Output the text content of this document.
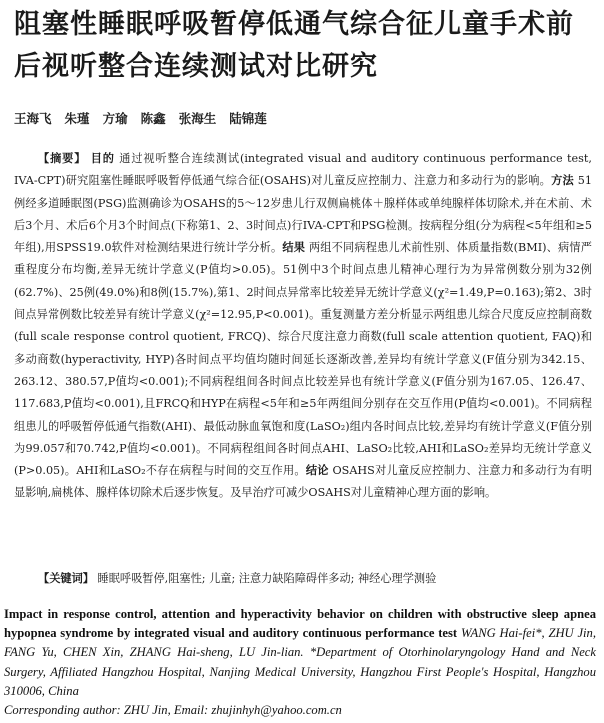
阻塞性睡眠呼吸暂停低通气综合征儿童手术前后视听整合连续测试对比研究
王海飞   朱瑾   方瑜   陈鑫   张海生   陆锦莲
【摘要】 目的 通过视听整合连续测试(integrated visual and auditory continuous performance test, IVA-CPT)研究阻塞性睡眠呼吸暂停低通气综合征(OSAHS)对儿童反应控制力、注意力和多动行为的影响。方法 51例经多道睡眠图(PSG)监测确诊为OSAHS的5～12岁患儿行双侧扁桃体＋腺样体或单纯腺样体切除术,并在术前、术后3个月、术后6个月3个时间点(下称第1、2、3时间点)行IVA-CPT和PSG检测。按病程分组(分为病程<5年组和≥5年组),用SPSS19.0软件对检测结果进行统计学分析。结果 两组不同病程患儿术前性别、体质量指数(BMI)、病情严重程度分布均衡,差异无统计学意义(P值均>0.05)。51例中3个时间点患儿精神心理行为为异常例数分别为32例(62.7%)、25例(49.0%)和8例(15.7%),第1、2时间点异常率比较差异无统计学意义(χ²=1.49,P=0.163);第2、3时间点异常例数比较差异有统计学意义(χ²=12.95,P<0.001)。重复测量方差分析显示两组患儿综合尺度反应控制商数(full scale response control quotient, FRCQ)、综合尺度注意力商数(full scale attention quotient, FAQ)和多动商数(hyperactivity, HYP)各时间点平均值均随时间延长逐渐改善,差异均有统计学意义(F值分别为342.15、263.12、380.57,P值均<0.001);不同病程组间各时间点比较差异也有统计学意义(F值分别为167.05、126.47、117.683,P值均<0.001),且FRCQ和HYP在病程<5年和≥5年两组间分别存在交互作用(P值均<0.001)。不同病程组患儿的呼吸暂停低通气指数(AHI)、最低动脉血氧饱和度(LaSO₂)组内各时间点比较,差异均有统计学意义(F值分别为99.057和70.742,P值均<0.001)。不同病程组间各时间点AHI、LaSO₂比较,AHI和LaSO₂差异均无统计学意义(P>0.05)。AHI和LaSO₂不存在病程与时间的交互作用。结论 OSAHS对儿童反应控制力、注意力和多动行为有明显影响,扁桃体、腺样体切除术后逐步恢复。及早治疗可减少OSAHS对儿童精神心理方面的影响。
【关键词】 睡眠呼吸暂停,阻塞性; 儿童; 注意力缺陷障碍伴多动; 神经心理学测验
Impact in response control, attention and hyperactivity behavior on children with obstructive sleep apnea hypopnea syndrome by integrated visual and auditory continuous performance test WANG Hai-fei*, ZHU Jin, FANG Yu, CHEN Xin, ZHANG Hai-sheng, LU Jin-lian. *Department of Otorhinolaryngology Hand and Neck Surgery, Affiliated Hangzhou Hospital, Nanjing Medical University, Hangzhou First People's Hospital, Hangzhou 310006, China
Corresponding author: ZHU Jin, Email: zhujinhyh@yahoo.com.cn
